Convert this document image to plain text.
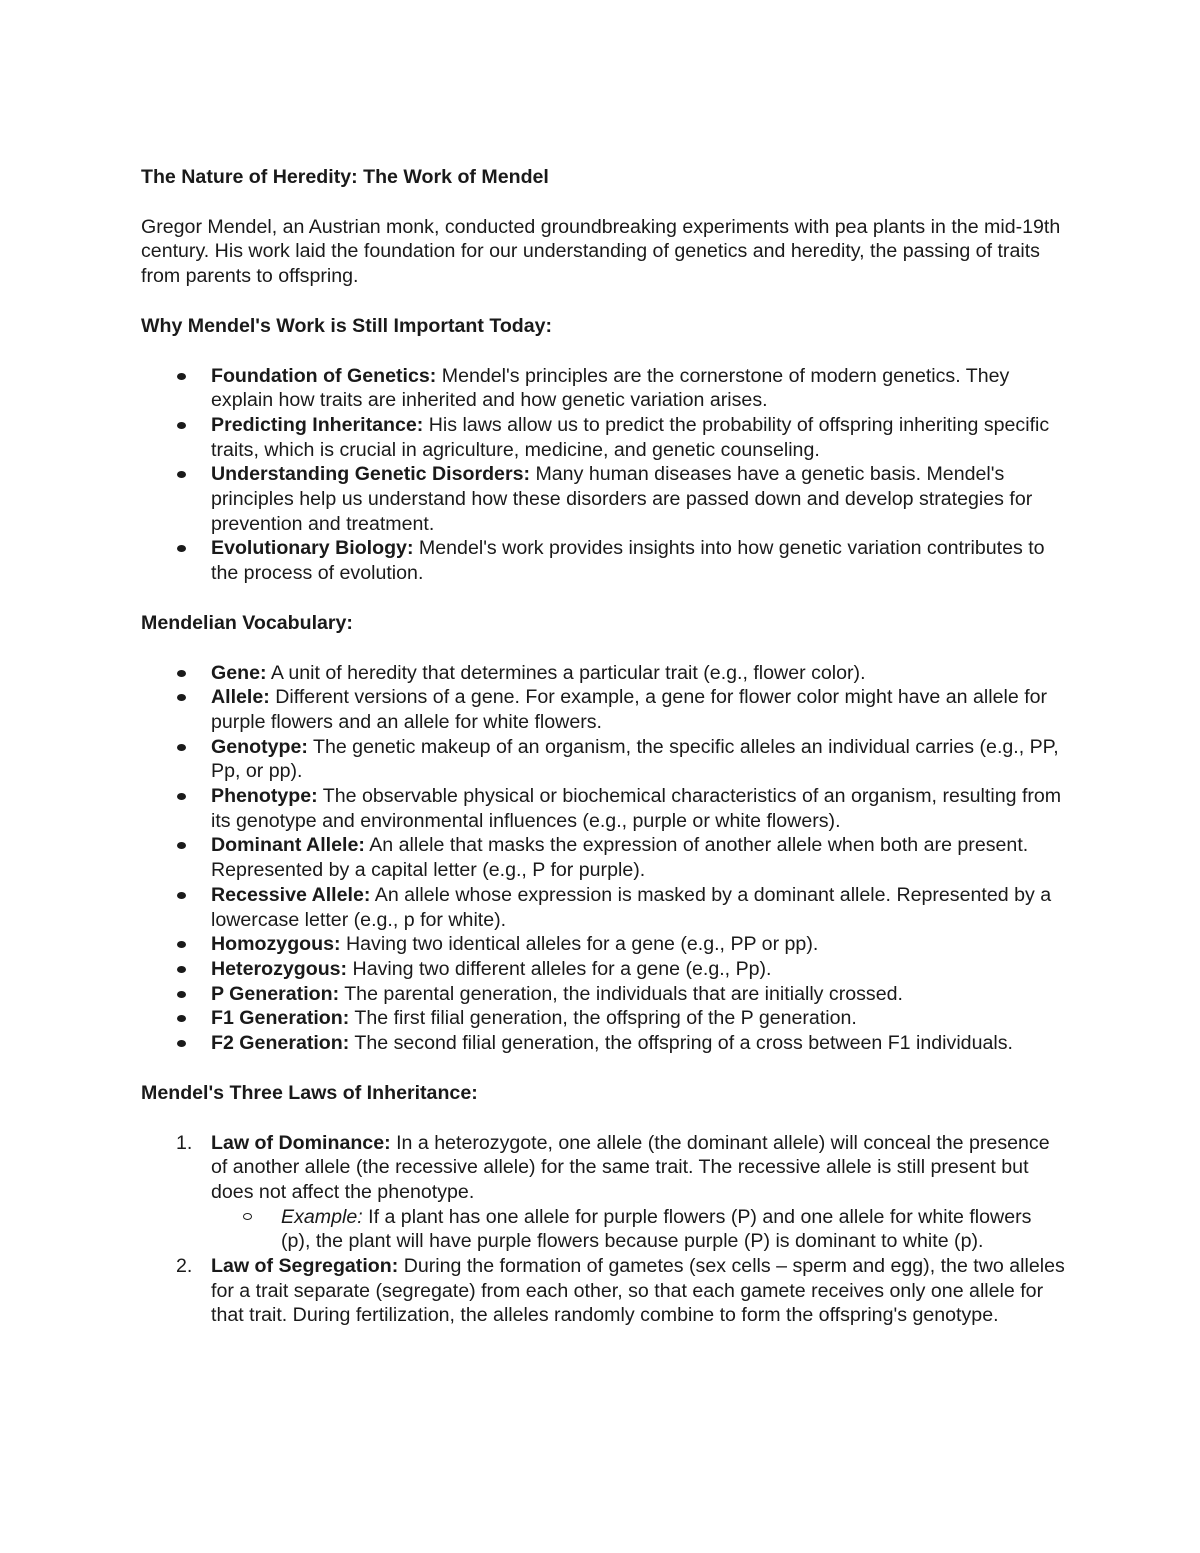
The Nature of Heredity: The Work of Mendel

Gregor Mendel, an Austrian monk, conducted groundbreaking experiments with pea plants in the mid-19th century. His work laid the foundation for our understanding of genetics and heredity, the passing of traits from parents to offspring.

Why Mendel's Work is Still Important Today:

Foundation of Genetics: Mendel's principles are the cornerstone of modern genetics. They explain how traits are inherited and how genetic variation arises.
Predicting Inheritance: His laws allow us to predict the probability of offspring inheriting specific traits, which is crucial in agriculture, medicine, and genetic counseling.
Understanding Genetic Disorders: Many human diseases have a genetic basis. Mendel's principles help us understand how these disorders are passed down and develop strategies for prevention and treatment.
Evolutionary Biology: Mendel's work provides insights into how genetic variation contributes to the process of evolution.

Mendelian Vocabulary:

Gene: A unit of heredity that determines a particular trait (e.g., flower color).
Allele: Different versions of a gene. For example, a gene for flower color might have an allele for purple flowers and an allele for white flowers.
Genotype: The genetic makeup of an organism, the specific alleles an individual carries (e.g., PP, Pp, or pp).
Phenotype: The observable physical or biochemical characteristics of an organism, resulting from its genotype and environmental influences (e.g., purple or white flowers).
Dominant Allele: An allele that masks the expression of another allele when both are present. Represented by a capital letter (e.g., P for purple).
Recessive Allele: An allele whose expression is masked by a dominant allele. Represented by a lowercase letter (e.g., p for white).
Homozygous: Having two identical alleles for a gene (e.g., PP or pp).
Heterozygous: Having two different alleles for a gene (e.g., Pp).
P Generation: The parental generation, the individuals that are initially crossed.
F1 Generation: The first filial generation, the offspring of the P generation.
F2 Generation: The second filial generation, the offspring of a cross between F1 individuals.

Mendel's Three Laws of Inheritance:

1. Law of Dominance: In a heterozygote, one allele (the dominant allele) will conceal the presence of another allele (the recessive allele) for the same trait. The recessive allele is still present but does not affect the phenotype.
Example: If a plant has one allele for purple flowers (P) and one allele for white flowers (p), the plant will have purple flowers because purple (P) is dominant to white (p).
2. Law of Segregation: During the formation of gametes (sex cells – sperm and egg), the two alleles for a trait separate (segregate) from each other, so that each gamete receives only one allele for that trait. During fertilization, the alleles randomly combine to form the offspring's genotype.
